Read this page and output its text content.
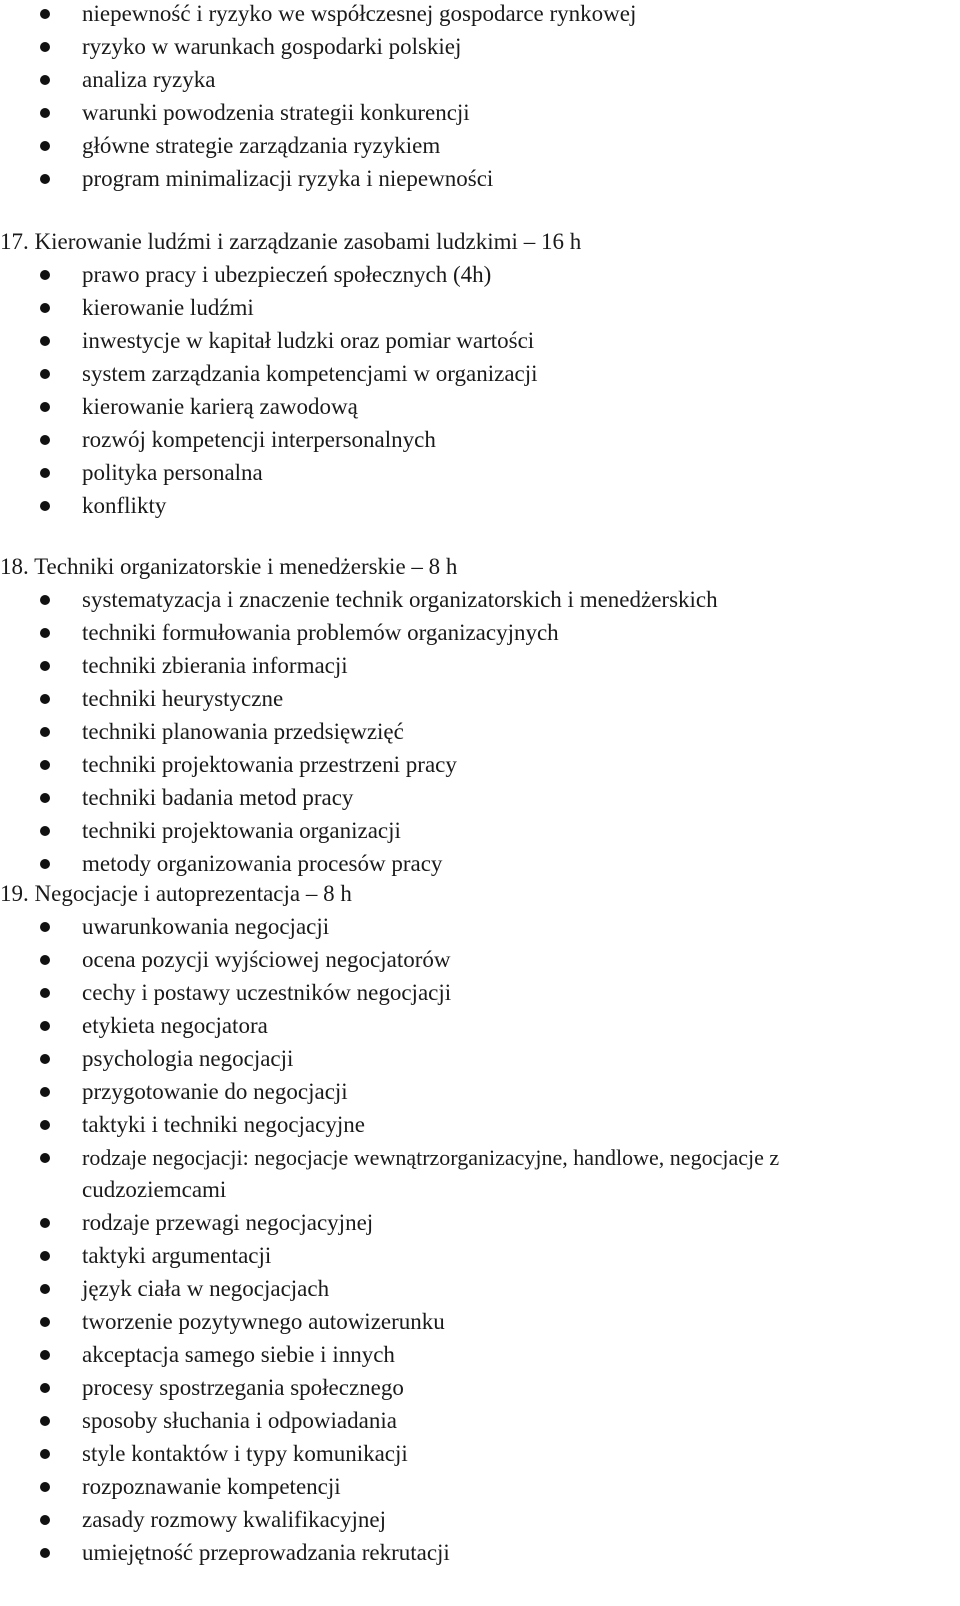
niepewność i ryzyko we współczesnej gospodarce rynkowej
ryzyko w warunkach gospodarki polskiej
analiza ryzyka
warunki powodzenia strategii konkurencji
główne strategie zarządzania ryzykiem
program minimalizacji ryzyka i niepewności
17. Kierowanie ludźmi i zarządzanie zasobami ludzkimi – 16 h
prawo pracy i ubezpieczeń społecznych (4h)
kierowanie ludźmi
inwestycje w kapitał ludzki oraz pomiar wartości
system zarządzania kompetencjami w organizacji
kierowanie karierą zawodową
rozwój kompetencji interpersonalnych
polityka personalna
konflikty
18. Techniki organizatorskie i menedżerskie – 8 h
systematyzacja i znaczenie technik organizatorskich i menedżerskich
techniki formułowania problemów organizacyjnych
techniki zbierania informacji
techniki heurystyczne
techniki planowania przedsięwzięć
techniki projektowania przestrzeni pracy
techniki badania metod pracy
techniki projektowania organizacji
metody organizowania procesów pracy
19. Negocjacje i autoprezentacja – 8 h
uwarunkowania negocjacji
ocena pozycji wyjściowej negocjatorów
cechy i postawy uczestników negocjacji
etykieta negocjatora
psychologia negocjacji
przygotowanie do negocjacji
taktyki i techniki negocjacyjne
rodzaje negocjacji: negocjacje wewnątrzorganizacyjne, handlowe, negocjacje z
cudzoziemcami
rodzaje przewagi negocjacyjnej
taktyki argumentacji
język ciała w negocjacjach
tworzenie pozytywnego autowizerunku
akceptacja samego siebie i innych
procesy spostrzegania społecznego
sposoby słuchania i odpowiadania
style kontaktów i typy komunikacji
rozpoznawanie kompetencji
zasady rozmowy kwalifikacyjnej
umiejętność przeprowadzania rekrutacji
